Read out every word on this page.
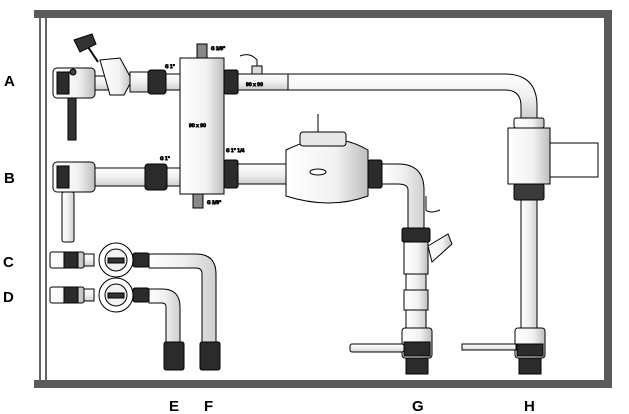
A
B
C
D
E F	G	H
90 x 90
G 1"
G 3/8"
G 1"
G 1" 1/4
G 3/8"
90 x 90
